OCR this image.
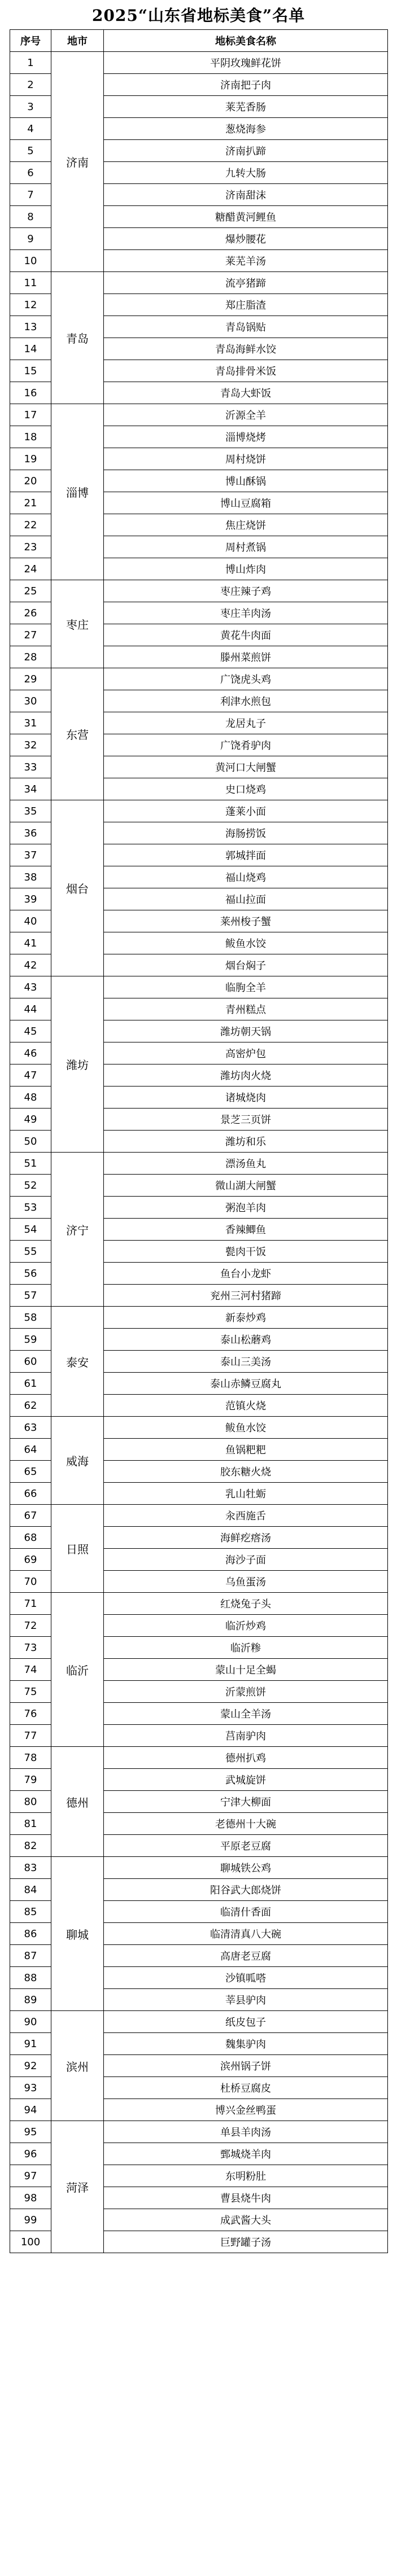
2025“山东省地标美食”名单
序号	地市	地标美食名称
1	济南	平阴玫瑰鲜花饼
2		济南把子肉
3		莱芜香肠
4		葱烧海参
5		济南扒蹄
6		九转大肠
7		济南甜沫
8		糖醋黄河鲤鱼
9		爆炒腰花
10		莱芜羊汤
11	青岛	流亭猪蹄
12		郑庄脂渣
13		青岛锅贴
14		青岛海鲜水饺
15		青岛排骨米饭
16		青岛大虾饭
17	淄博	沂源全羊
18		淄博烧烤
19		周村烧饼
20		博山酥锅
21		博山豆腐箱
22		焦庄烧饼
23		周村煮锅
24		博山炸肉
25	枣庄	枣庄辣子鸡
26		枣庄羊肉汤
27		黄花牛肉面
28		滕州菜煎饼
29	东营	广饶虎头鸡
30		利津水煎包
31		龙居丸子
32		广饶肴驴肉
33		黄河口大闸蟹
34		史口烧鸡
35	烟台	蓬莱小面
36		海肠捞饭
37		郭城拌面
38		福山烧鸡
39		福山拉面
40		莱州梭子蟹
41		鲅鱼水饺
42		烟台焖子
43	潍坊	临朐全羊
44		青州糕点
45		潍坊朝天锅
46		高密炉包
47		潍坊肉火烧
48		诸城烧肉
49		景芝三页饼
50		潍坊和乐
51	济宁	漂汤鱼丸
52		微山湖大闸蟹
53		粥泡羊肉
54		香辣鲫鱼
55		甏肉干饭
56		鱼台小龙虾
57		兖州三河村猪蹄
58	泰安	新泰炒鸡
59		泰山松蘑鸡
60		泰山三美汤
61		泰山赤鳞豆腐丸
62		范镇火烧
63	威海	鲅鱼水饺
64		鱼锅粑粑
65		胶东糖火烧
66		乳山牡蛎
67	日照	汆西施舌
68		海鲜疙瘩汤
69		海沙子面
70		乌鱼蛋汤
71	临沂	红烧兔子头
72		临沂炒鸡
73		临沂糁
74		蒙山十足全蝎
75		沂蒙煎饼
76		蒙山全羊汤
77		莒南驴肉
78	德州	德州扒鸡
79		武城旋饼
80		宁津大柳面
81		老德州十大碗
82		平原老豆腐
83	聊城	聊城铁公鸡
84		阳谷武大郎烧饼
85		临清什香面
86		临清清真八大碗
87		高唐老豆腐
88		沙镇呱嗒
89		莘县驴肉
90	滨州	纸皮包子
91		魏集驴肉
92		滨州锅子饼
93		杜桥豆腐皮
94		博兴金丝鸭蛋
95	菏泽	单县羊肉汤
96		鄄城烧羊肉
97		东明粉肚
98		曹县烧牛肉
99		成武酱大头
100		巨野罐子汤
